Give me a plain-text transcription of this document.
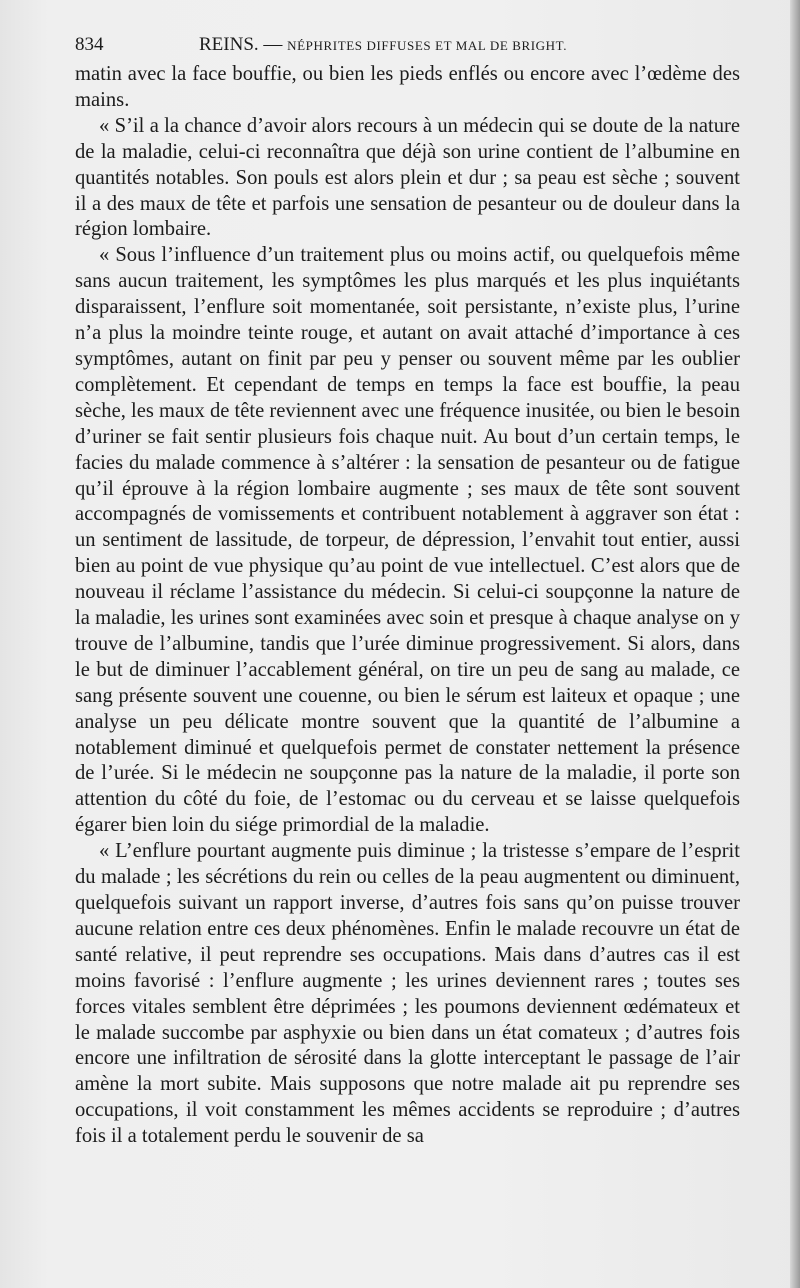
834	REINS. — NÉPHRITES DIFFUSES ET MAL DE BRIGHT.

matin avec la face bouffie, ou bien les pieds enflés ou encore avec l’œdème des mains.

« S’il a la chance d’avoir alors recours à un médecin qui se doute de la nature de la maladie, celui-ci reconnaîtra que déjà son urine contient de l’albumine en quantités notables. Son pouls est alors plein et dur ; sa peau est sèche ; souvent il a des maux de tête et parfois une sensation de pesanteur ou de douleur dans la région lombaire.

« Sous l’influence d’un traitement plus ou moins actif, ou quelquefois même sans aucun traitement, les symptômes les plus marqués et les plus inquiétants disparaissent, l’enflure soit momentanée, soit persistante, n’existe plus, l’urine n’a plus la moindre teinte rouge, et autant on avait attaché d’importance à ces symptômes, autant on finit par peu y penser ou souvent même par les oublier complètement. Et cependant de temps en temps la face est bouffie, la peau sèche, les maux de tête reviennent avec une fréquence inusitée, ou bien le besoin d’uriner se fait sentir plusieurs fois chaque nuit. Au bout d’un certain temps, le facies du malade commence à s’altérer : la sensation de pesanteur ou de fatigue qu’il éprouve à la région lombaire augmente ; ses maux de tête sont souvent accompagnés de vomissements et contribuent notablement à aggraver son état : un sentiment de lassitude, de torpeur, de dépression, l’envahit tout entier, aussi bien au point de vue physique qu’au point de vue intellectuel. C’est alors que de nouveau il réclame l’assistance du médecin. Si celui-ci soupçonne la nature de la maladie, les urines sont examinées avec soin et presque à chaque analyse on y trouve de l’albumine, tandis que l’urée diminue progressivement. Si alors, dans le but de diminuer l’accablement général, on tire un peu de sang au malade, ce sang présente souvent une couenne, ou bien le sérum est laiteux et opaque ; une analyse un peu délicate montre souvent que la quantité de l’albumine a notablement diminué et quelquefois permet de constater nettement la présence de l’urée. Si le médecin ne soupçonne pas la nature de la maladie, il porte son attention du côté du foie, de l’estomac ou du cerveau et se laisse quelquefois égarer bien loin du siége primordial de la maladie.

« L’enflure pourtant augmente puis diminue ; la tristesse s’empare de l’esprit du malade ; les sécrétions du rein ou celles de la peau augmentent ou diminuent, quelquefois suivant un rapport inverse, d’autres fois sans qu’on puisse trouver aucune relation entre ces deux phénomènes. Enfin le malade recouvre un état de santé relative, il peut reprendre ses occupations. Mais dans d’autres cas il est moins favorisé : l’enflure augmente ; les urines deviennent rares ; toutes ses forces vitales semblent être déprimées ; les poumons deviennent œdémateux et le malade succombe par asphyxie ou bien dans un état comateux ; d’autres fois encore une infiltration de sérosité dans la glotte interceptant le passage de l’air amène la mort subite. Mais supposons que notre malade ait pu reprendre ses occupations, il voit constamment les mêmes accidents se reproduire ; d’autres fois il a totalement perdu le souvenir de sa
